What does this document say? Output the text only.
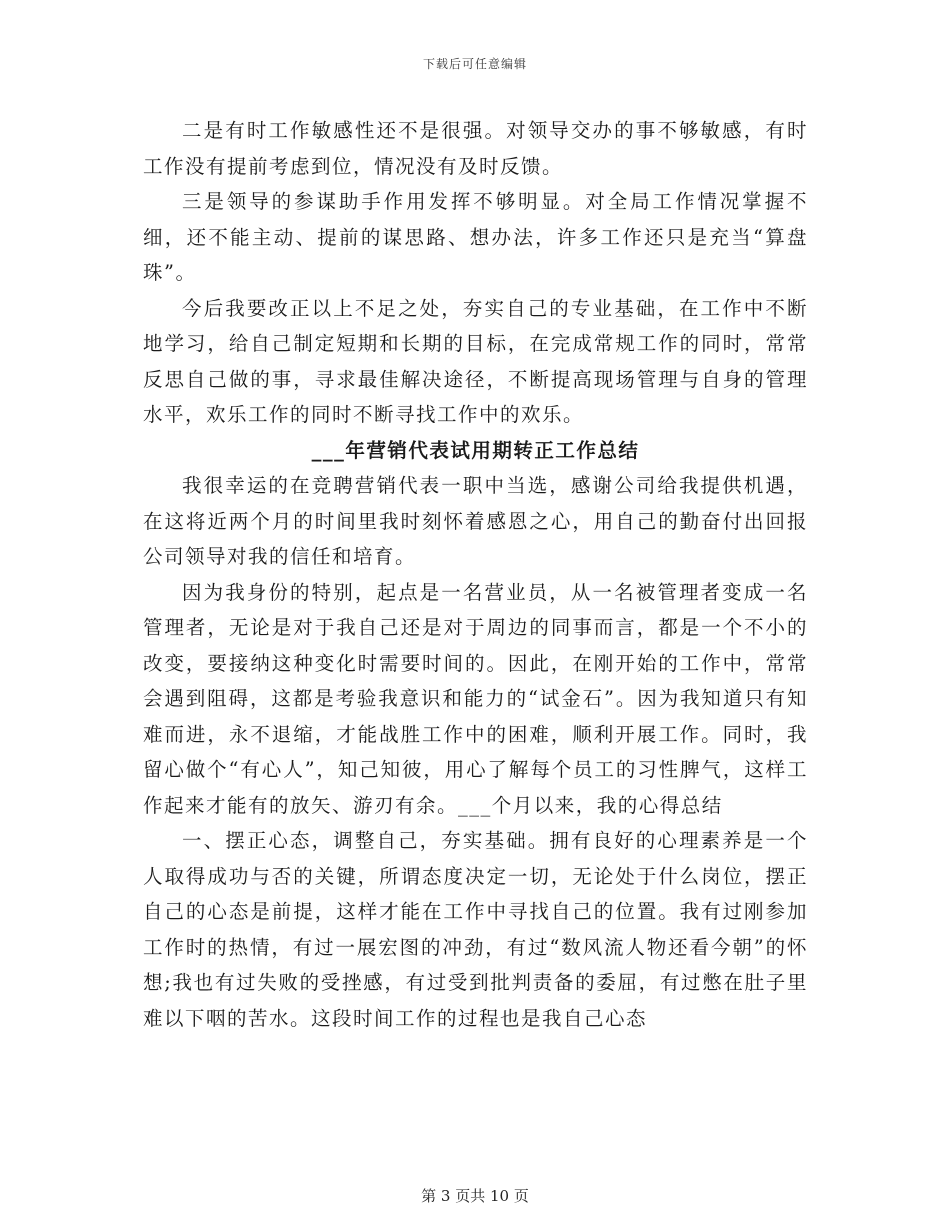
下载后可任意编辑

二是有时工作敏感性还不是很强。对领导交办的事不够敏感，有时工作没有提前考虑到位，情况没有及时反馈。

三是领导的参谋助手作用发挥不够明显。对全局工作情况掌握不细，还不能主动、提前的谋思路、想办法，许多工作还只是充当“算盘珠”。

今后我要改正以上不足之处，夯实自己的专业基础，在工作中不断地学习，给自己制定短期和长期的目标，在完成常规工作的同时，常常反思自己做的事，寻求最佳解决途径，不断提高现场管理与自身的管理水平，欢乐工作的同时不断寻找工作中的欢乐。

___年营销代表试用期转正工作总结

我很幸运的在竞聘营销代表一职中当选，感谢公司给我提供机遇，在这将近两个月的时间里我时刻怀着感恩之心，用自己的勤奋付出回报公司领导对我的信任和培育。

因为我身份的特别，起点是一名营业员，从一名被管理者变成一名管理者，无论是对于我自己还是对于周边的同事而言，都是一个不小的改变，要接纳这种变化时需要时间的。因此，在刚开始的工作中，常常会遇到阻碍，这都是考验我意识和能力的“试金石”。因为我知道只有知难而进，永不退缩，才能战胜工作中的困难，顺利开展工作。同时，我留心做个“有心人”，知己知彼，用心了解每个员工的习性脾气，这样工作起来才能有的放矢、游刃有余。___个月以来，我的心得总结

一、摆正心态，调整自己，夯实基础。拥有良好的心理素养是一个人取得成功与否的关键，所谓态度决定一切，无论处于什么岗位，摆正自己的心态是前提，这样才能在工作中寻找自己的位置。我有过刚参加工作时的热情，有过一展宏图的冲劲，有过“数风流人物还看今朝”的怀想;我也有过失败的受挫感，有过受到批判责备的委屈，有过憋在肚子里难以下咽的苦水。这段时间工作的过程也是我自己心态

第 3 页共 10 页
